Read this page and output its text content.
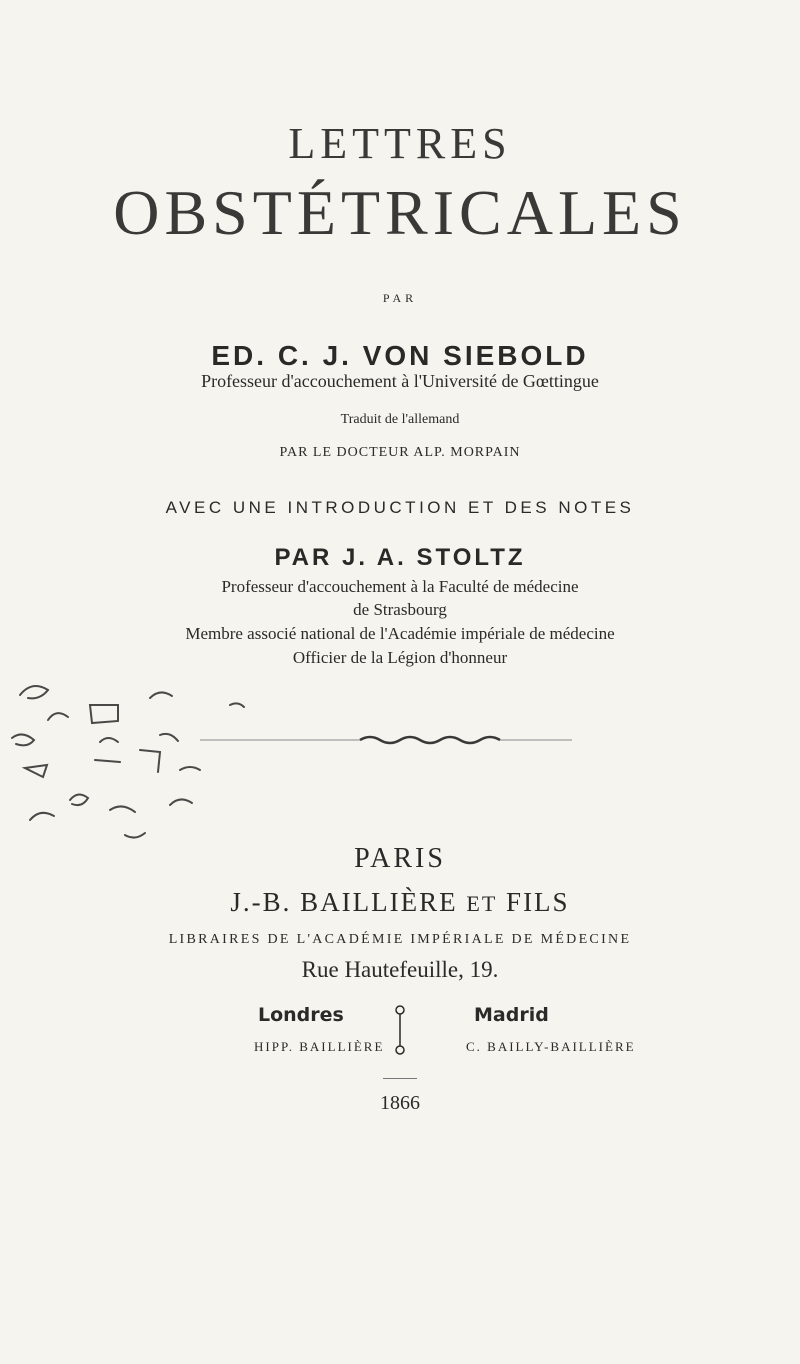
LETTRES
OBSTÉTRICALES
PAR
ED. C. J. VON SIEBOLD
Professeur d'accouchement à l'Université de Gœttingue
Traduit de l'allemand
PAR LE DOCTEUR ALP. MORPAIN
AVEC UNE INTRODUCTION ET DES NOTES
PAR J. A. STOLTZ
Professeur d'accouchement à la Faculté de médecine
de Strasbourg
Membre associé national de l'Académie impériale de médecine
Officier de la Légion d'honneur
PARIS
J.-B. BAILLIÈRE ET FILS
LIBRAIRES DE L'ACADÉMIE IMPÉRIALE DE MÉDECINE
Rue Hautefeuille, 19.
Londres	Madrid
HIPP. BAILLIÈRE	C. BAILLY-BAILLIÈRE
1866
